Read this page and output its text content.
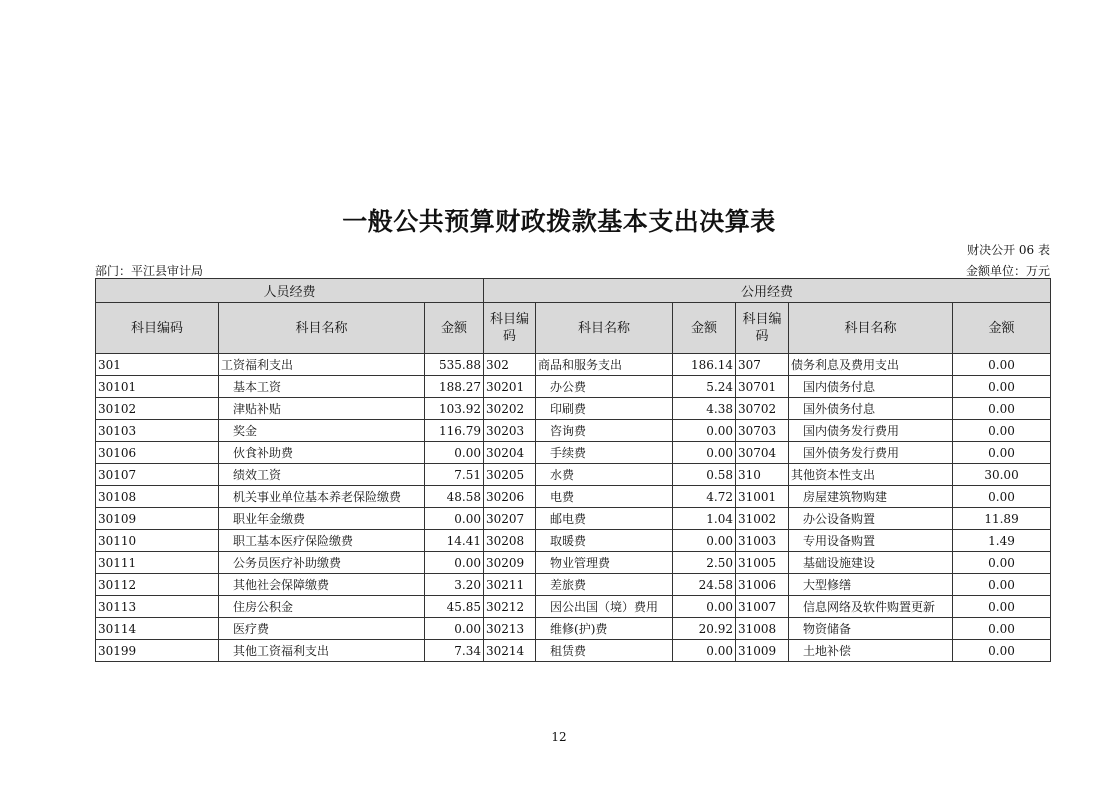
一般公共预算财政拨款基本支出决算表
财决公开 06 表
部门：平江县审计局	金额单位：万元
人员经费			公用经费					
科目编码	科目名称	金额	科目编码	科目名称	金额	科目编码	科目名称	金额
301	工资福利支出	535.88	302	商品和服务支出	186.14	307	债务利息及费用支出	0.00
30101	基本工资	188.27	30201	办公费	5.24	30701	国内债务付息	0.00
30102	津贴补贴	103.92	30202	印刷费	4.38	30702	国外债务付息	0.00
30103	奖金	116.79	30203	咨询费	0.00	30703	国内债务发行费用	0.00
30106	伙食补助费	0.00	30204	手续费	0.00	30704	国外债务发行费用	0.00
30107	绩效工资	7.51	30205	水费	0.58	310	其他资本性支出	30.00
30108	机关事业单位基本养老保险缴费	48.58	30206	电费	4.72	31001	房屋建筑物购建	0.00
30109	职业年金缴费	0.00	30207	邮电费	1.04	31002	办公设备购置	11.89
30110	职工基本医疗保险缴费	14.41	30208	取暖费	0.00	31003	专用设备购置	1.49
30111	公务员医疗补助缴费	0.00	30209	物业管理费	2.50	31005	基础设施建设	0.00
30112	其他社会保障缴费	3.20	30211	差旅费	24.58	31006	大型修缮	0.00
30113	住房公积金	45.85	30212	因公出国（境）费用	0.00	31007	信息网络及软件购置更新	0.00
30114	医疗费	0.00	30213	维修(护)费	20.92	31008	物资储备	0.00
30199	其他工资福利支出	7.34	30214	租赁费	0.00	31009	土地补偿	0.00
12
